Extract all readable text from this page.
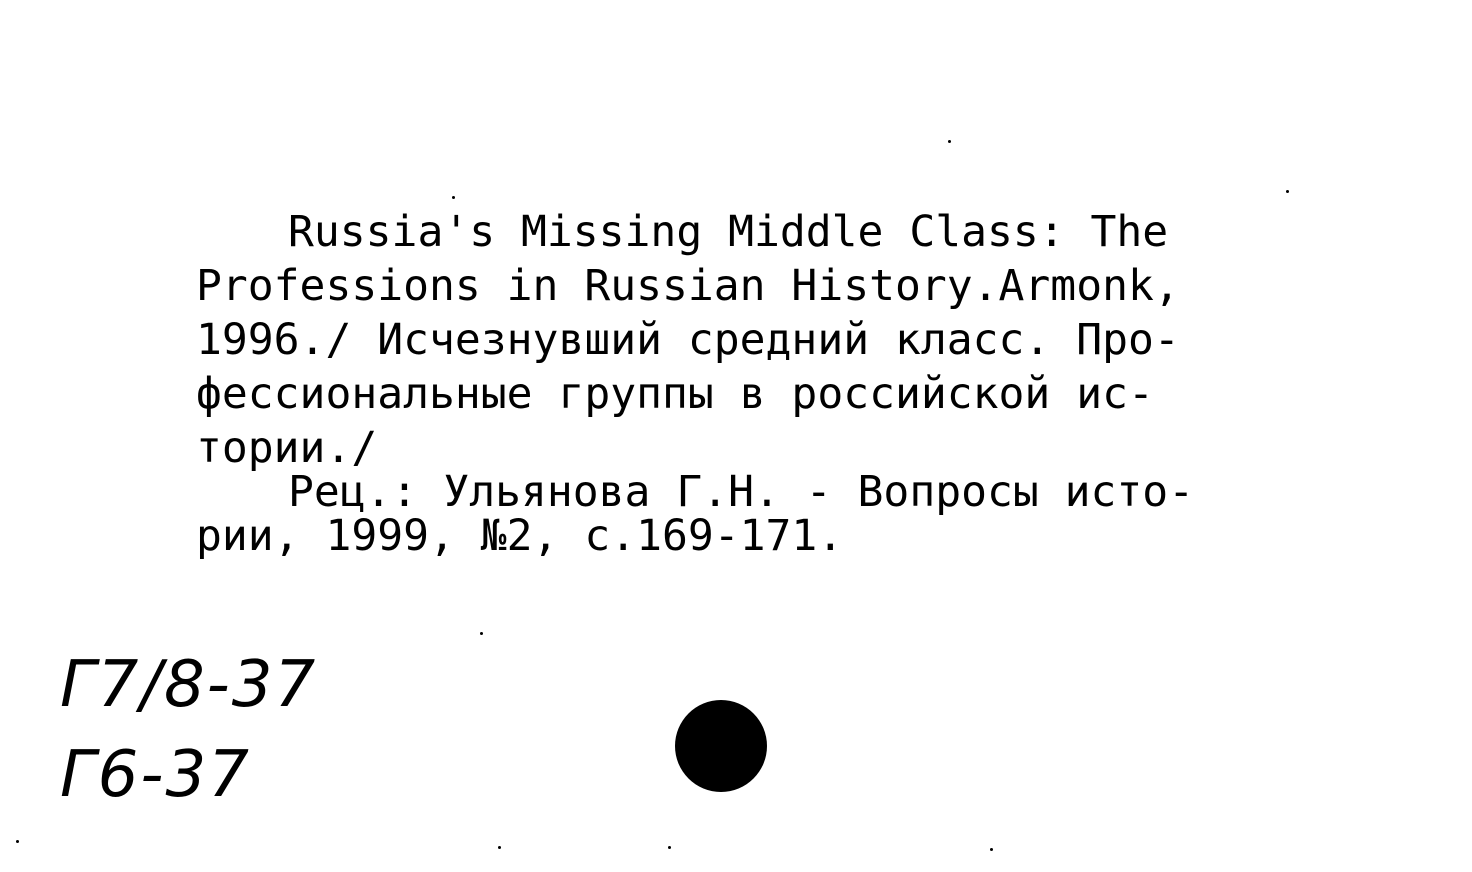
Russia's Missing Middle Class: The
Professions in Russian History.Armonk,
1996./ Исчезнувший средний класс. Про-
фессиональные группы в российской ис-
тории./
Рец.: Ульянова Г.Н. - Вопросы исто-
рии, 1999, №2, с.169-171.
Г7/8-37
Г6-37
